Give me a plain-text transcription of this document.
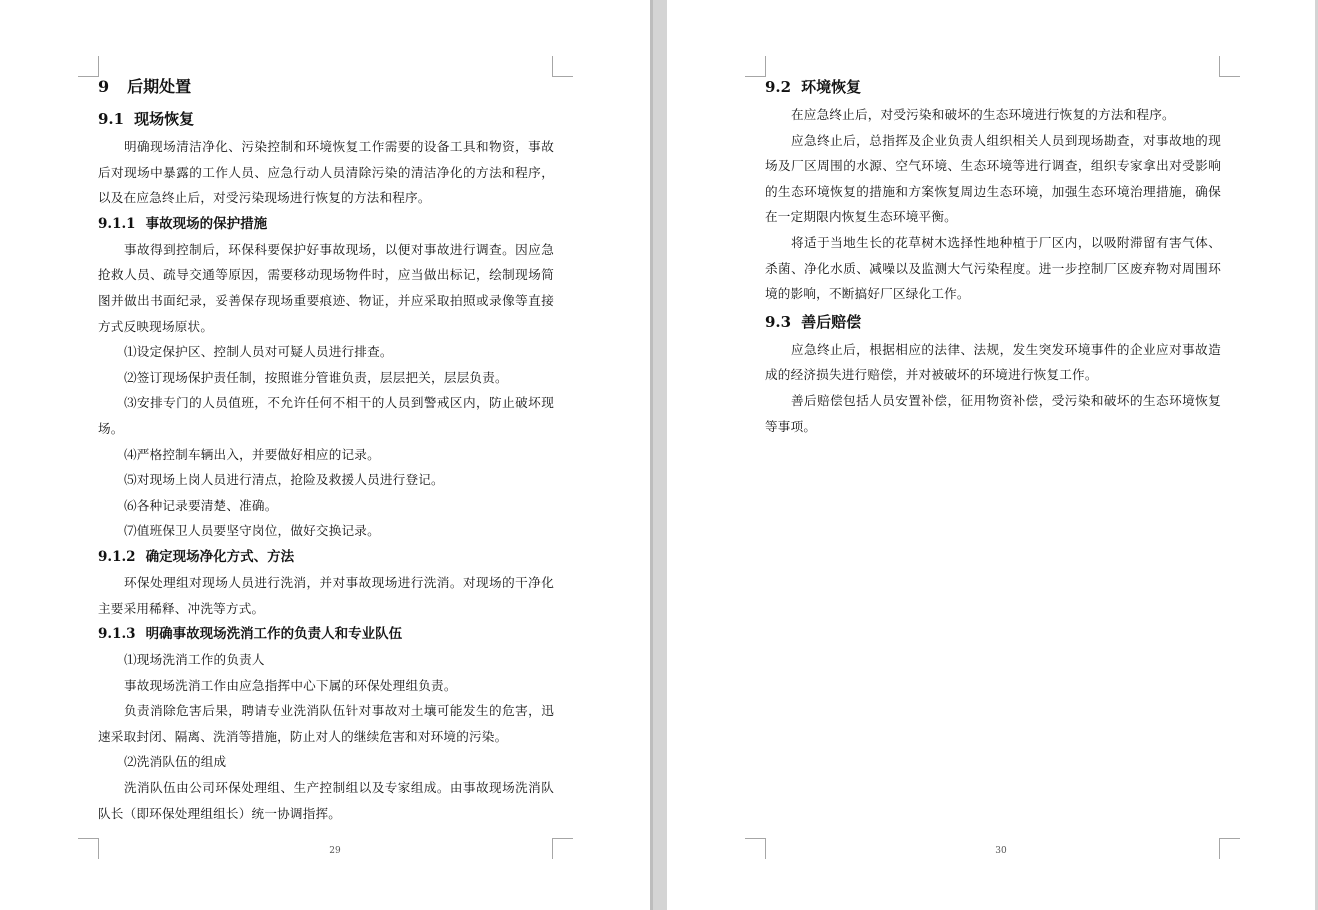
9 后期处置
9.1 现场恢复

明确现场清洁净化、污染控制和环境恢复工作需要的设备工具和物资，事故后对现场中暴露的工作人员、应急行动人员清除污染的清洁净化的方法和程序，以及在应急终止后，对受污染现场进行恢复的方法和程序。

9.1.1 事故现场的保护措施

事故得到控制后，环保科要保护好事故现场，以便对事故进行调查。因应急抢救人员、疏导交通等原因，需要移动现场物件时，应当做出标记，绘制现场简图并做出书面纪录，妥善保存现场重要痕迹、物证，并应采取拍照或录像等直接方式反映现场原状。

⑴设定保护区、控制人员对可疑人员进行排查。

⑵签订现场保护责任制，按照谁分管谁负责，层层把关，层层负责。

⑶安排专门的人员值班，不允许任何不相干的人员到警戒区内，防止破坏现场。

⑷严格控制车辆出入，并要做好相应的记录。

⑸对现场上岗人员进行清点，抢险及救援人员进行登记。

⑹各种记录要清楚、准确。

⑺值班保卫人员要坚守岗位，做好交换记录。

9.1.2 确定现场净化方式、方法

环保处理组对现场人员进行洗消，并对事故现场进行洗消。对现场的干净化主要采用稀释、冲洗等方式。

9.1.3 明确事故现场洗消工作的负责人和专业队伍

⑴现场洗消工作的负责人

事故现场洗消工作由应急指挥中心下属的环保处理组负责。

负责消除危害后果，聘请专业洗消队伍针对事故对土壤可能发生的危害，迅速采取封闭、隔离、洗消等措施，防止对人的继续危害和对环境的污染。

⑵洗消队伍的组成

洗消队伍由公司环保处理组、生产控制组以及专家组成。由事故现场洗消队队长（即环保处理组组长）统一协调指挥。

29
9.2 环境恢复

在应急终止后，对受污染和破坏的生态环境进行恢复的方法和程序。

应急终止后，总指挥及企业负责人组织相关人员到现场勘查，对事故地的现场及厂区周围的水源、空气环境、生态环境等进行调查，组织专家拿出对受影响的生态环境恢复的措施和方案恢复周边生态环境，加强生态环境治理措施，确保在一定期限内恢复生态环境平衡。

将适于当地生长的花草树木选择性地种植于厂区内，以吸附滞留有害气体、杀菌、净化水质、减噪以及监测大气污染程度。进一步控制厂区废弃物对周围环境的影响，不断搞好厂区绿化工作。

9.3 善后赔偿

应急终止后，根据相应的法律、法规，发生突发环境事件的企业应对事故造成的经济损失进行赔偿，并对被破坏的环境进行恢复工作。

善后赔偿包括人员安置补偿，征用物资补偿，受污染和破坏的生态环境恢复等事项。

30
